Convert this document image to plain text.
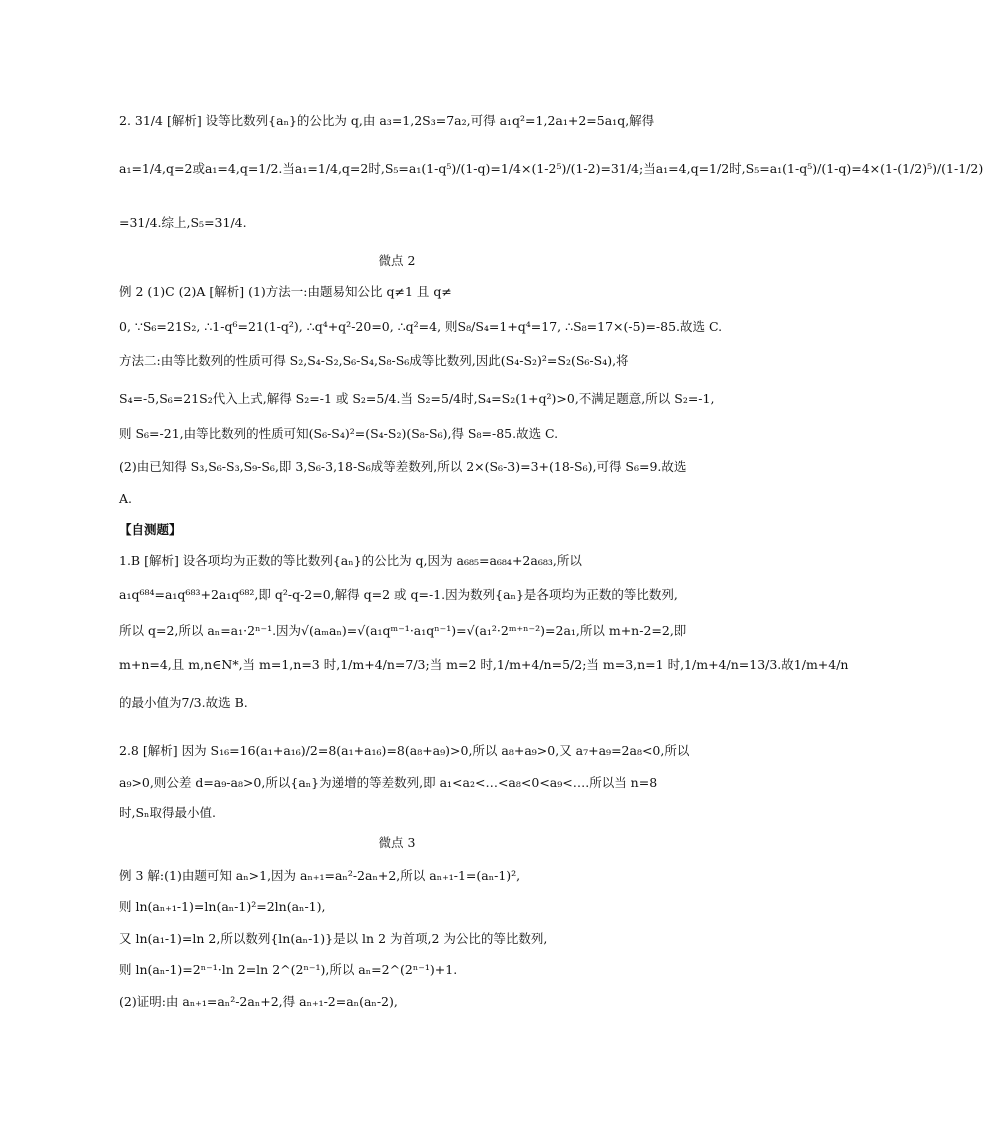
2. 31/4 [解析] 设等比数列{aₙ}的公比为 q,由 a₃=1,2S₃=7a₂,可得 a₁q²=1,2a₁+2=5a₁q,解得
a₁=1/4,q=2或a₁=4,q=1/2.当a₁=1/4,q=2时,S₅=a₁(1-q⁵)/(1-q)=1/4×(1-2⁵)/(1-2)=31/4;当a₁=4,q=1/2时,S₅=a₁(1-q⁵)/(1-q)=4×(1-(1/2)⁵)/(1-1/2)
=31/4.综上,S₅=31/4.
例 2 (1)C (2)A [解析] (1)方法一:由题易知公比 q≠1 且 q≠
0, ∵S₆=21S₂, ∴1-q⁶=21(1-q²), ∴q⁴+q²-20=0, ∴q²=4, 则S₈/S₄=1+q⁴=17, ∴S₈=17×(-5)=-85.故选 C.
方法二:由等比数列的性质可得 S₂,S₄-S₂,S₆-S₄,S₈-S₆成等比数列,因此(S₄-S₂)²=S₂(S₆-S₄),将
S₄=-5,S₆=21S₂代入上式,解得 S₂=-1 或 S₂=5/4.当 S₂=5/4时,S₄=S₂(1+q²)>0,不满足题意,所以 S₂=-1,
则 S₆=-21,由等比数列的性质可知(S₆-S₄)²=(S₄-S₂)(S₈-S₆),得 S₈=-85.故选 C.
(2)由已知得 S₃,S₆-S₃,S₉-S₆,即 3,S₆-3,18-S₆成等差数列,所以 2×(S₆-3)=3+(18-S₆),可得 S₆=9.故选
A.
【自测题】
1.B [解析] 设各项均为正数的等比数列{aₙ}的公比为 q,因为 a₆₈₅=a₆₈₄+2a₆₈₃,所以
a₁q⁶⁸⁴=a₁q⁶⁸³+2a₁q⁶⁸²,即 q²-q-2=0,解得 q=2 或 q=-1.因为数列{aₙ}是各项均为正数的等比数列,
所以 q=2,所以 aₙ=a₁·2ⁿ⁻¹.因为√(aₘaₙ)=√(a₁qᵐ⁻¹·a₁qⁿ⁻¹)=√(a₁²·2ᵐ⁺ⁿ⁻²)=2a₁,所以 m+n-2=2,即
m+n=4,且 m,n∈N*,当 m=1,n=3 时,1/m+4/n=7/3;当 m=2 时,1/m+4/n=5/2;当 m=3,n=1 时,1/m+4/n=13/3.故1/m+4/n
的最小值为7/3.故选 B.
2.8 [解析] 因为 S₁₆=16(a₁+a₁₆)/2=8(a₁+a₁₆)=8(a₈+a₉)>0,所以 a₈+a₉>0,又 a₇+a₉=2a₈<0,所以
a₉>0,则公差 d=a₉-a₈>0,所以{aₙ}为递增的等差数列,即 a₁<a₂<…<a₈<0<a₉<….所以当 n=8
时,Sₙ取得最小值.
例 3 解:(1)由题可知 aₙ>1,因为 aₙ₊₁=aₙ²-2aₙ+2,所以 aₙ₊₁-1=(aₙ-1)²,
则 ln(aₙ₊₁-1)=ln(aₙ-1)²=2ln(aₙ-1),
又 ln(a₁-1)=ln 2,所以数列{ln(aₙ-1)}是以 ln 2 为首项,2 为公比的等比数列,
则 ln(aₙ-1)=2ⁿ⁻¹·ln 2=ln 2^(2ⁿ⁻¹),所以 aₙ=2^(2ⁿ⁻¹)+1.
(2)证明:由 aₙ₊₁=aₙ²-2aₙ+2,得 aₙ₊₁-2=aₙ(aₙ-2),
微点 2
微点 3
